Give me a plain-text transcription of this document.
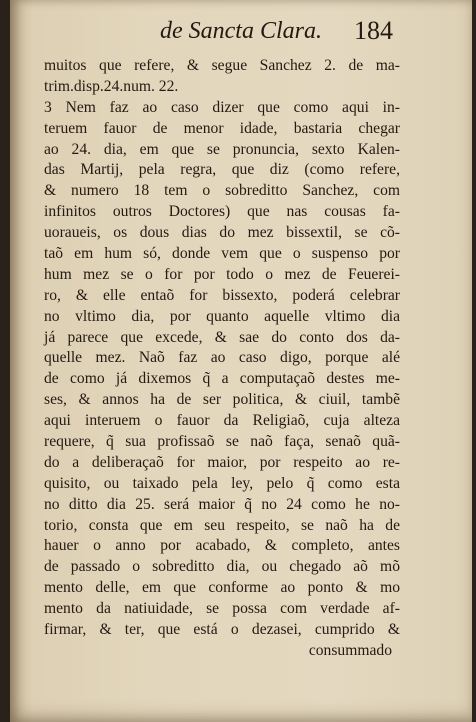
de Sancta Clara. 184
muitos que refere, & segue Sanchez 2. de ma-
trim.disp.24.num. 22.
3 Nem faz ao caso dizer que como aqui in-
teruem fauor de menor idade, bastaria chegar
ao 24. dia, em que se pronuncia, sexto Kalen-
das Martij, pela regra, que diz (como refere,
& numero 18 tem o sobreditto Sanchez, com
infinitos outros Doctores) que nas cousas fa-
uoraueis, os dous dias do mez bissextil, se cõ-
taõ em hum só, donde vem que o suspenso por
hum mez se o for por todo o mez de Feuerei-
ro, & elle entaõ for bissexto, poderá celebrar
no vltimo dia, por quanto aquelle vltimo dia
já parece que excede, & sae do conto dos da-
quelle mez. Naõ faz ao caso digo, porque alé
de como já dixemos q̃ a computaçaõ destes me-
ses, & annos ha de ser politica, & ciuil, tambẽ
aqui interuem o fauor da Religiaõ, cuja alteza
requere, q̃ sua profissaõ se naõ faça, senaõ quã-
do a deliberaçaõ for maior, por respeito ao re-
quisito, ou taixado pela ley, pelo q̃ como esta
no ditto dia 25. será maior q̃ no 24 como he no-
torio, consta que em seu respeito, se naõ ha de
hauer o anno por acabado, & completo, antes
de passado o sobreditto dia, ou chegado aõ mõ
mento delle, em que conforme ao ponto & mo
mento da natiuidade, se possa com verdade af-
firmar, & ter, que está o dezasei, cumprido &
consummado
